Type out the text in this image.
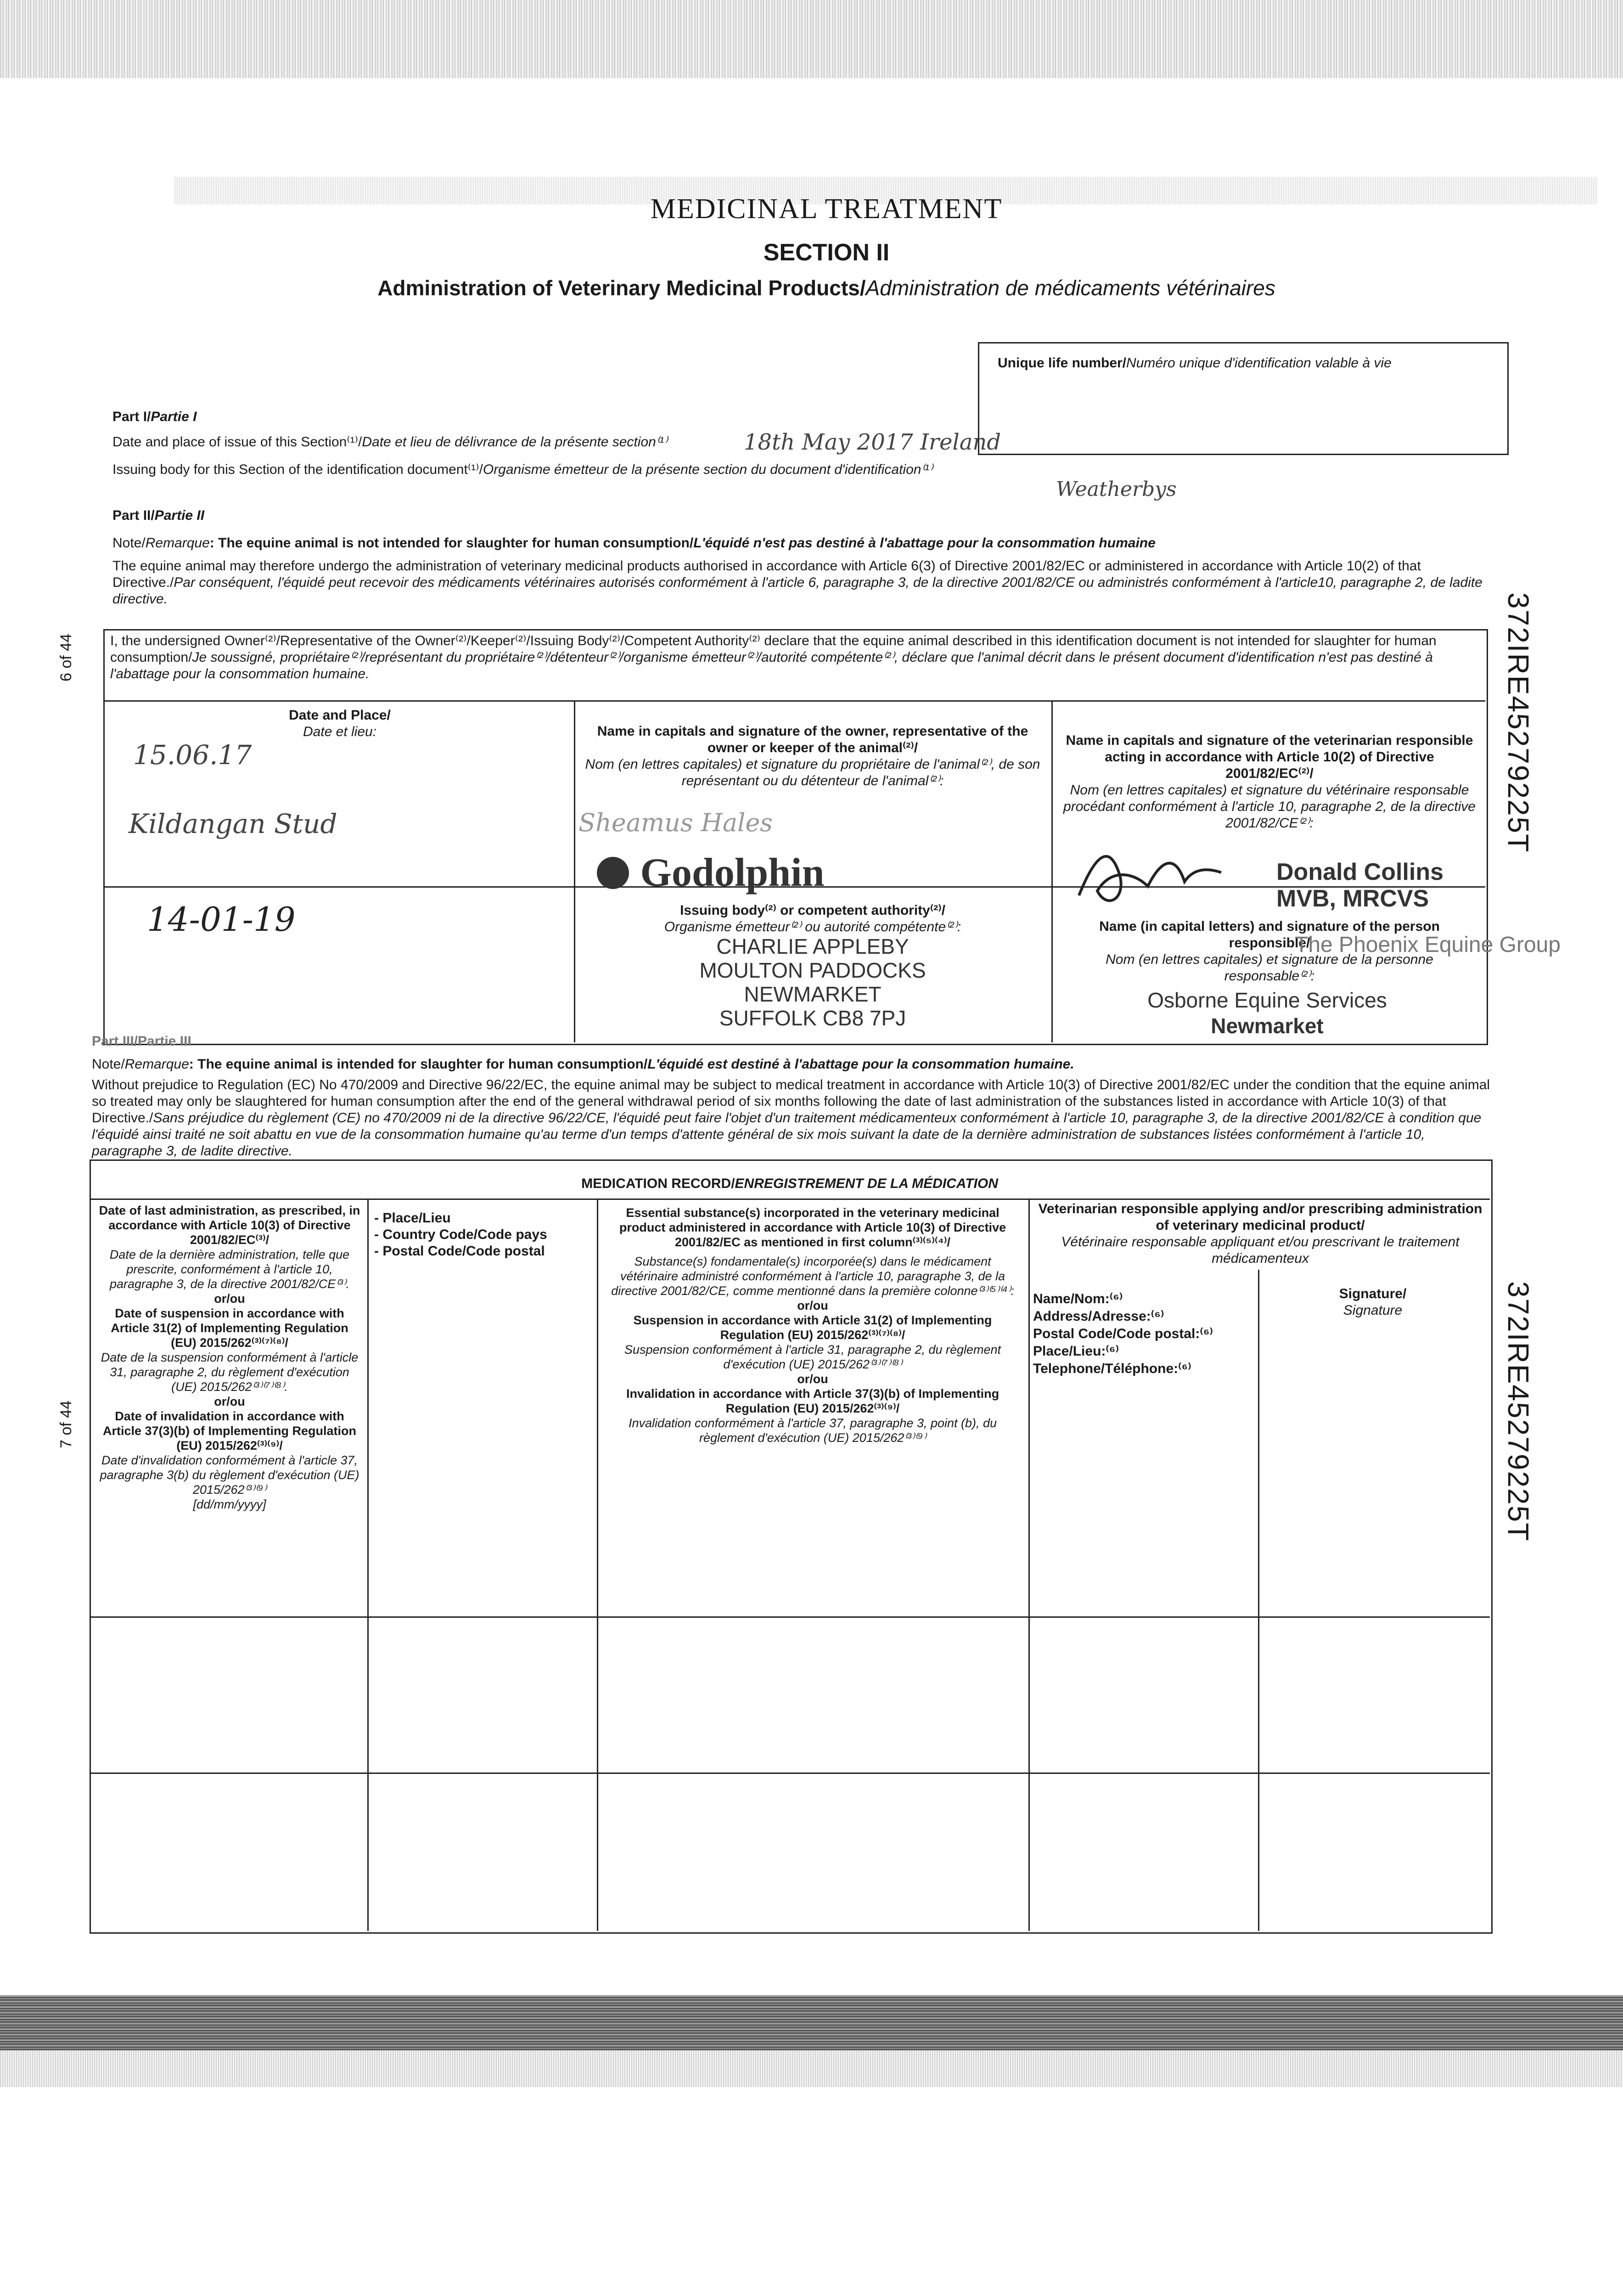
MEDICINAL TREATMENT
SECTION II
Administration of Veterinary Medicinal Products/Administration de médicaments vétérinaires
Unique life number/Numéro unique d'identification valable à vie
Part I/Partie I
Date and place of issue of this Section⁽¹⁾/Date et lieu de délivrance de la présente section⁽¹⁾	18th May 2017 Ireland
Issuing body for this Section of the identification document⁽¹⁾/Organisme émetteur de la présente section du document d'identification⁽¹⁾
Weatherbys
Part II/Partie II
Note/Remarque: The equine animal is not intended for slaughter for human consumption/L'équidé n'est pas destiné à l'abattage pour la consommation humaine
The equine animal may therefore undergo the administration of veterinary medicinal products authorised in accordance with Article 6(3) of Directive 2001/82/EC or administered in accordance with Article 10(2) of that Directive./Par conséquent, l'équidé peut recevoir des médicaments vétérinaires autorisés conformément à l'article 6, paragraphe 3, de la directive 2001/82/CE ou administrés conformément à l'article10, paragraphe 2, de ladite directive.
I, the undersigned Owner⁽²⁾/Representative of the Owner⁽²⁾/Keeper⁽²⁾/Issuing Body⁽²⁾/Competent Authority⁽²⁾ declare that the equine animal described in this identification document is not intended for slaughter for human consumption/Je soussigné, propriétaire⁽²⁾/représentant du propriétaire⁽²⁾/détenteur⁽²⁾/organisme émetteur⁽²⁾/autorité compétente⁽²⁾, déclare que l'animal décrit dans le présent document d'identification n'est pas destiné à l'abattage pour la consommation humaine.
Date and Place/
Date et lieu:
15.06.17
Kildangan Stud
14-01-19
Name in capitals and signature of the owner, representative of the owner or keeper of the animal⁽²⁾/
Nom (en lettres capitales) et signature du propriétaire de l'animal⁽²⁾, de son représentant ou du détenteur de l'animal⁽²⁾:
Sheamus Hales
Godolphin
Issuing body⁽²⁾ or competent authority⁽²⁾/
Organisme émetteur⁽²⁾ ou autorité compétente⁽²⁾:
CHARLIE APPLEBY
MOULTON PADDOCKS
NEWMARKET
SUFFOLK CB8 7PJ
Name in capitals and signature of the veterinarian responsible acting in accordance with Article 10(2) of Directive 2001/82/EC⁽²⁾/
Nom (en lettres capitales) et signature du vétérinaire responsable procédant conformément à l'article 10, paragraphe 2, de la directive 2001/82/CE⁽²⁾:
Donald Collins
MVB, MRCVS
Name (in capital letters) and signature of the person responsible/
Nom (en lettres capitales) et signature de la personne responsable⁽²⁾:
The Phoenix Equine Group
Osborne Equine Services
Newmarket
Part III/Partie III
Note/Remarque: The equine animal is intended for slaughter for human consumption/L'équidé est destiné à l'abattage pour la consommation humaine.
Without prejudice to Regulation (EC) No 470/2009 and Directive 96/22/EC, the equine animal may be subject to medical treatment in accordance with Article 10(3) of Directive 2001/82/EC under the condition that the equine animal so treated may only be slaughtered for human consumption after the end of the general withdrawal period of six months following the date of last administration of the substances listed in accordance with Article 10(3) of that Directive./Sans préjudice du règlement (CE) no 470/2009 ni de la directive 96/22/CE, l'équidé peut faire l'objet d'un traitement médicamenteux conformément à l'article 10, paragraphe 3, de la directive 2001/82/CE à condition que l'équidé ainsi traité ne soit abattu en vue de la consommation humaine qu'au terme d'un temps d'attente général de six mois suivant la date de la dernière administration de substances listées conformément à l'article 10, paragraphe 3, de ladite directive.
MEDICATION RECORD/ENREGISTREMENT DE LA MÉDICATION
Date of last administration, as prescribed, in accordance with Article 10(3) of Directive 2001/82/EC⁽³⁾/
Date de la dernière administration, telle que prescrite, conformément à l'article 10, paragraphe 3, de la directive 2001/82/CE⁽³⁾.
or/ou
Date of suspension in accordance with Article 31(2) of Implementing Regulation (EU) 2015/262⁽³⁾⁽⁷⁾⁽⁸⁾/
Date de la suspension conformément à l'article 31, paragraphe 2, du règlement d'exécution (UE) 2015/262⁽³⁾⁽⁷⁾⁽⁸⁾.
or/ou
Date of invalidation in accordance with Article 37(3)(b) of Implementing Regulation (EU) 2015/262⁽³⁾⁽⁹⁾/
Date d'invalidation conformément à l'article 37, paragraphe 3(b) du règlement d'exécution (UE) 2015/262⁽³⁾⁽⁹⁾
[dd/mm/yyyy]
- Place/Lieu
- Country Code/Code pays
- Postal Code/Code postal
Essential substance(s) incorporated in the veterinary medicinal product administered in accordance with Article 10(3) of Directive 2001/82/EC as mentioned in first column⁽³⁾⁽⁵⁾⁽⁴⁾/
Substance(s) fondamentale(s) incorporée(s) dans le médicament vétérinaire administré conformément à l'article 10, paragraphe 3, de la directive 2001/82/CE, comme mentionné dans la première colonne⁽³⁾⁽⁵⁾⁽⁴⁾:
or/ou
Suspension in accordance with Article 31(2) of Implementing Regulation (EU) 2015/262⁽³⁾⁽⁷⁾⁽⁸⁾/
Suspension conformément à l'article 31, paragraphe 2, du règlement d'exécution (UE) 2015/262⁽³⁾⁽⁷⁾⁽⁸⁾
or/ou
Invalidation in accordance with Article 37(3)(b) of Implementing Regulation (EU) 2015/262⁽³⁾⁽⁹⁾/
Invalidation conformément à l'article 37, paragraphe 3, point (b), du règlement d'exécution (UE) 2015/262⁽³⁾⁽⁹⁾
Veterinarian responsible applying and/or prescribing administration of veterinary medicinal product/
Vétérinaire responsable appliquant et/ou prescrivant le traitement médicamenteux
Name/Nom:⁽⁶⁾
Address/Adresse:⁽⁶⁾
Postal Code/Code postal:⁽⁶⁾
Place/Lieu:⁽⁶⁾
Telephone/Téléphone:⁽⁶⁾
Signature/
Signature
372IRE45279225T
372IRE45279225T
6 of 44
7 of 44
